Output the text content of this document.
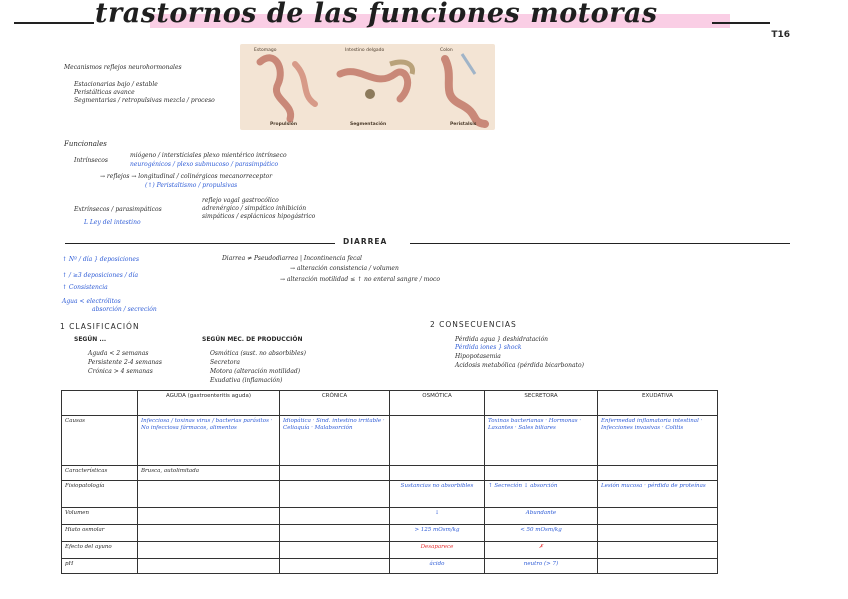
trastornos de las funciones motoras
T16
Mecanismos reflejos neurohormonales
Estacionarias bajo / estable
Peristálticas avance
Segmentarias / retropulsivas mezcla / proceso
Estomago	Intestino delgado	Colon
Propulsión	Segmentación	Peristalsis
Funcionales
Intrínsecos
miógeno / intersticiales plexo mientérico intrínseco
neurogénicos / plexo submucoso / parasimpático
→ reflejos → longitudinal / colinérgicos mecanorreceptor
(↑) Peristaltismo / propulsivas
Extrínsecos / parasimpáticos
reflejo vagal gastrocólico
adrenérgico / simpático inhibición
simpáticos / esplácnicos hipogástrico
L Ley del intestino
DIARREA
↑ Nº / día } deposiciones
↑ / ≥3 deposiciones / día
↑ Consistencia
Agua < electrólitos
absorción / secreción
Diarrea ≠ Pseudodiarrea | Incontinencia fecal
→ alteración consistencia / volumen
→ alteración motilidad ≤ ↑ no enteral sangre / moco
1 CLASIFICACIÓN
SEGÚN ...
Aguda < 2 semanas
Persistente 2-4 semanas
Crónica > 4 semanas
SEGÚN MEC. DE PRODUCCIÓN
Osmótica (sust. no absorbibles)
Secretora
Motora (alteración motilidad)
Exudativa (inflamación)
2 CONSECUENCIAS
Pérdida agua } deshidratación
Pérdida iones } shock
Hipopotasemia
Acidosis metabólica (pérdida bicarbonato)
	AGUDA (gastroenteritis aguda)	CRÓNICA	OSMÓTICA	SECRETORA	EXUDATIVA
Causas	Infecciosa / toxinas virus / bacterias parásitos · No infecciosa fármacos, alimentos	Idiopática · Sind. intestino irritable · Celiaquía · Malabsorción		Toxinas bacterianas · Hormonas · Laxantes · Sales biliares	Enfermedad inflamatoria intestinal · Infecciones invasivas · Colitis
Características	Brusca, autolimitada				
Fisiopatología			Sustancias no absorbibles	↑ Secreción ↓ absorción	Lesión mucosa · pérdida de proteínas
Volumen			↓	Abundante	
Hiato osmolar			> 125 mOsm/kg	< 50 mOsm/kg	
Efecto del ayuno			Desaparece	✗	
pH			ácido	neutro (> 7)	
